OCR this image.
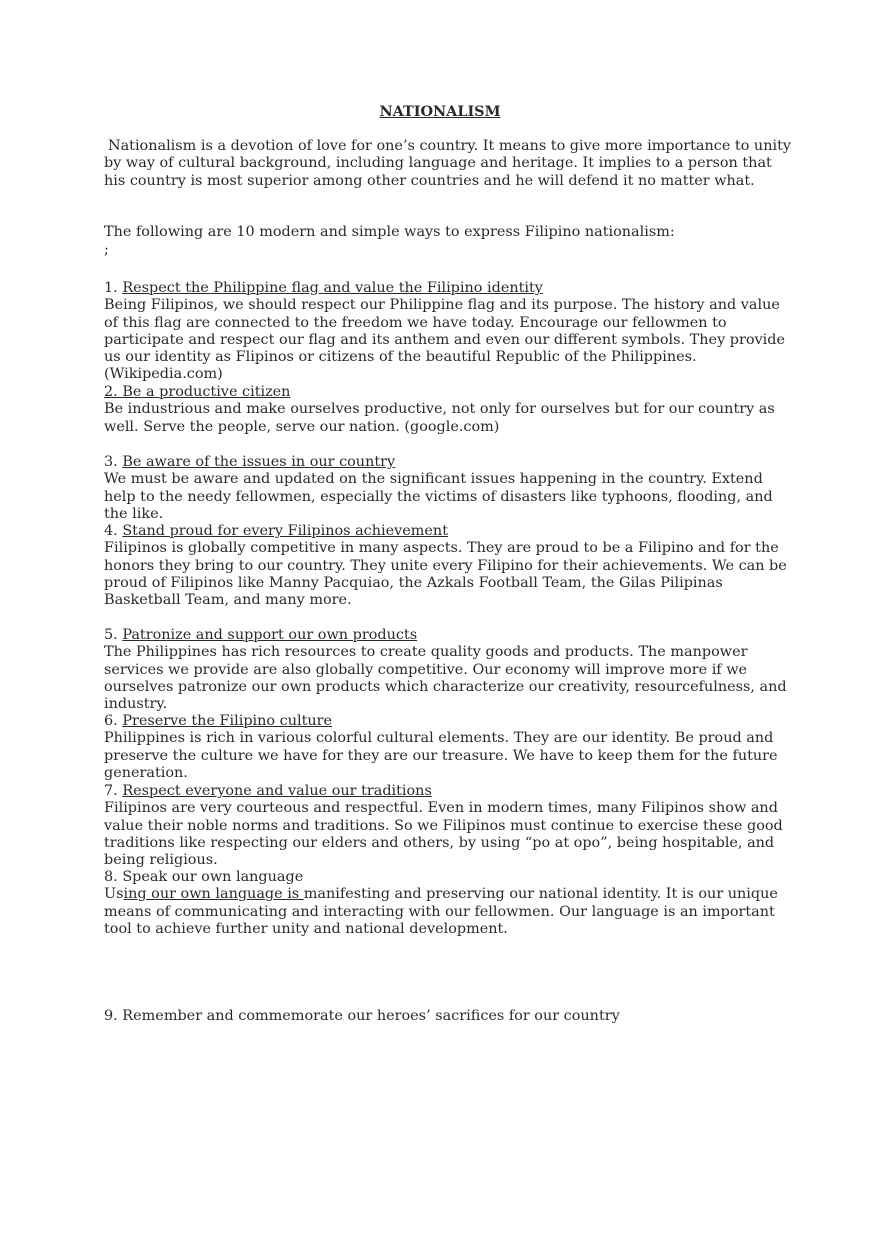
NATIONALISM

Nationalism is a devotion of love for one’s country. It means to give more importance to unity by way of cultural background, including language and heritage. It implies to a person that his country is most superior among other countries and he will defend it no matter what.

The following are 10 modern and simple ways to express Filipino nationalism:

;

1. Respect the Philippine flag and value the Filipino identity

Being Filipinos, we should respect our Philippine flag and its purpose. The history and value of this flag are connected to the freedom we have today. Encourage our fellowmen to participate and respect our flag and its anthem and even our different symbols. They provide us our identity as Flipinos or citizens of the beautiful Republic of the Philippines. (Wikipedia.com)

2. Be a productive citizen

Be industrious and make ourselves productive, not only for ourselves but for our country as well. Serve the people, serve our nation. (google.com)

3. Be aware of the issues in our country

We must be aware and updated on the significant issues happening in the country. Extend help to the needy fellowmen, especially the victims of disasters like typhoons, flooding, and the like.

4. Stand proud for every Filipinos achievement

Filipinos is globally competitive in many aspects. They are proud to be a Filipino and for the honors they bring to our country. They unite every Filipino for their achievements. We can be proud of Filipinos like Manny Pacquiao, the Azkals Football Team, the Gilas Pilipinas Basketball Team, and many more.

5. Patronize and support our own products

The Philippines has rich resources to create quality goods and products. The manpower services we provide are also globally competitive. Our economy will improve more if we ourselves patronize our own products which characterize our creativity, resourcefulness, and industry.

6. Preserve the Filipino culture

Philippines is rich in various colorful cultural elements. They are our identity. Be proud and preserve the culture we have for they are our treasure. We have to keep them for the future generation.

7. Respect everyone and value our traditions

Filipinos are very courteous and respectful. Even in modern times, many Filipinos show and value their noble norms and traditions. So we Filipinos must continue to exercise these good traditions like respecting our elders and others, by using “po at opo”, being hospitable, and being religious.

8. Speak our own language

Using our own language is manifesting and preserving our national identity. It is our unique means of communicating and interacting with our fellowmen. Our language is an important tool to achieve further unity and national development.

9. Remember and commemorate our heroes’ sacrifices for our country
